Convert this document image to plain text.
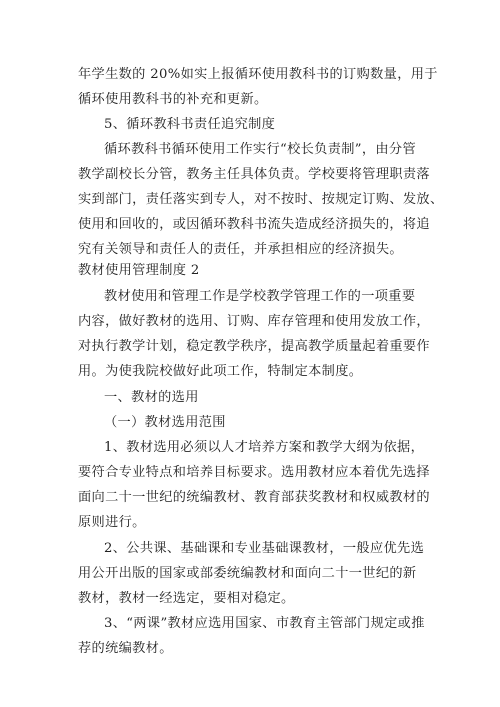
年学生数的 20%如实上报循环使用教科书的订购数量，用于
循环使用教科书的补充和更新。
5、循环教科书责任追究制度
循环教科书循环使用工作实行“校长负责制”，由分管
教学副校长分管，教务主任具体负责。学校要将管理职责落
实到部门，责任落实到专人，对不按时、按规定订购、发放、
使用和回收的，或因循环教科书流失造成经济损失的，将追
究有关领导和责任人的责任，并承担相应的经济损失。
教材使用管理制度 2
教材使用和管理工作是学校教学管理工作的一项重要
内容，做好教材的选用、订购、库存管理和使用发放工作，
对执行教学计划，稳定教学秩序，提高教学质量起着重要作
用。为使我院校做好此项工作，特制定本制度。
一、教材的选用
（一）教材选用范围
1、教材选用必须以人才培养方案和教学大纲为依据，
要符合专业特点和培养目标要求。选用教材应本着优先选择
面向二十一世纪的统编教材、教育部获奖教材和权威教材的
原则进行。
2、公共课、基础课和专业基础课教材，一般应优先选
用公开出版的国家或部委统编教材和面向二十一世纪的新
教材，教材一经选定，要相对稳定。
3、“两课”教材应选用国家、市教育主管部门规定或推
荐的统编教材。
